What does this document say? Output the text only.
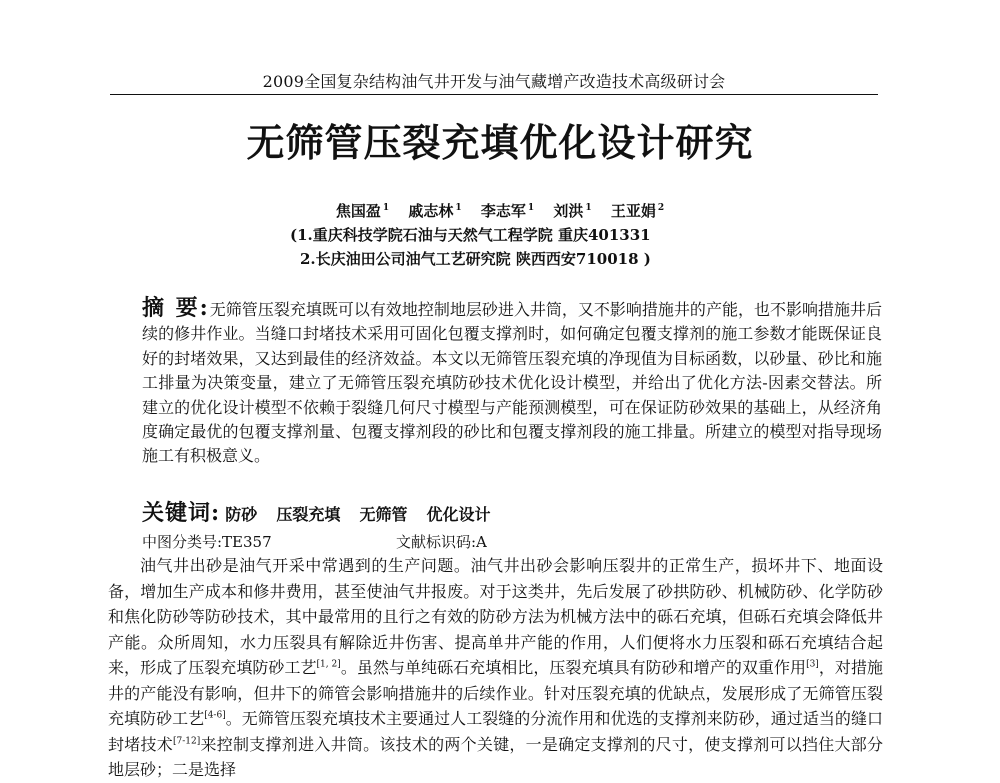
2009全国复杂结构油气井开发与油气藏增产改造技术高级研讨会
无筛管压裂充填优化设计研究
焦国盈 $^1$ 戚志林 $^1$ 李志军 $^1$ 刘洪 $^1$ 王亚娟 $^2$
(1.重庆科技学院石油与天然气工程学院 重庆401331
2.长庆油田公司油气工艺研究院 陕西西安710018 )
摘 要:无筛管压裂充填既可以有效地控制地层砂进入井筒，又不影响措施井的产能，也不影响措施井后续的修井作业。当缝口封堵技术采用可固化包覆支撑剂时，如何确定包覆支撑剂的施工参数才能既保证良好的封堵效果，又达到最佳的经济效益。本文以无筛管压裂充填的净现值为目标函数，以砂量、砂比和施工排量为决策变量，建立了无筛管压裂充填防砂技术优化设计模型，并给出了优化方法-因素交替法。所建立的优化设计模型不依赖于裂缝几何尺寸模型与产能预测模型，可在保证防砂效果的基础上，从经济角度确定最优的包覆支撑剂量、包覆支撑剂段的砂比和包覆支撑剂段的施工排量。所建立的模型对指导现场施工有积极意义。
关键词: 防砂 压裂充填 无筛管 优化设计
中图分类号:TE357	文献标识码:A

油气井出砂是油气开采中常遇到的生产问题。油气井出砂会影响压裂井的正常生产，损坏井下、地面设备，增加生产成本和修井费用，甚至使油气井报废。对于这类井，先后发展了砂拱防砂、机械防砂、化学防砂和焦化防砂等防砂技术，其中最常用的且行之有效的防砂方法为机械方法中的砾石充填，但砾石充填会降低井产能。众所周知，水力压裂具有解除近井伤害、提高单井产能的作用，人们便将水力压裂和砾石充填结合起来，形成了压裂充填防砂工艺[1, 2]。虽然与单纯砾石充填相比，压裂充填具有防砂和增产的双重作用[3]，对措施井的产能没有影响，但井下的筛管会影响措施井的后续作业。针对压裂充填的优缺点，发展形成了无筛管压裂充填防砂工艺[4-6]。无筛管压裂充填技术主要通过人工裂缝的分流作用和优选的支撑剂来防砂，通过适当的缝口封堵技术[7-12]来控制支撑剂进入井筒。该技术的两个关键，一是确定支撑剂的尺寸，使支撑剂可以挡住大部分地层砂；二是选择
